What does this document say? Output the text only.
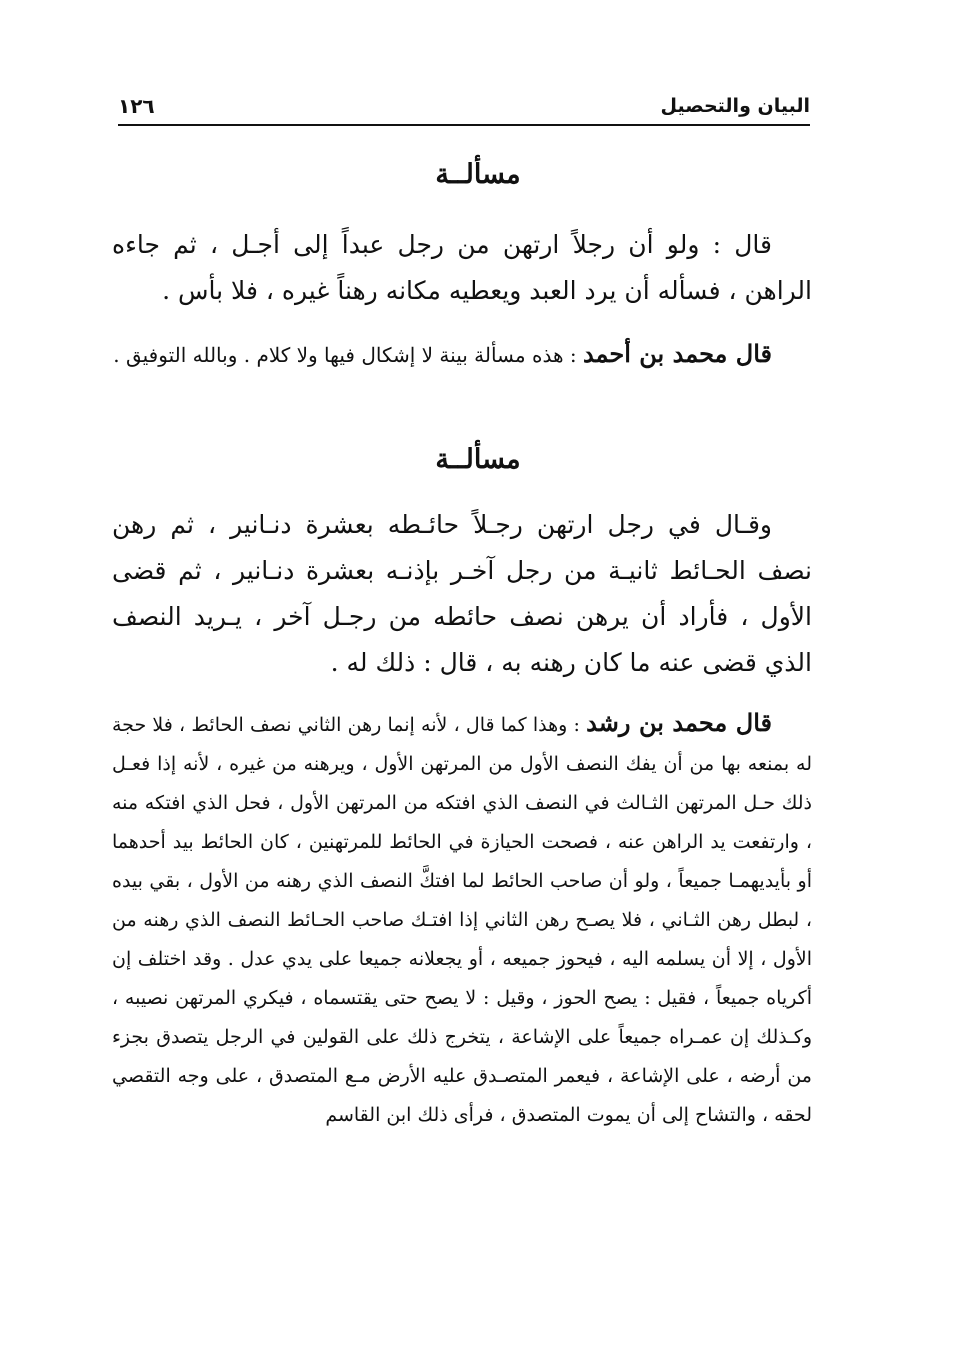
البيان والتحصيل
١٢٦
مسألــة
قال : ولو أن رجلاً ارتهن من رجل عبداً إلى أجـل ، ثم جاءه الراهن ، فسأله أن يرد العبد ويعطيه مكانه رهناً غيره ، فلا بأس .
قال محمد بن أحمد : هذه مسألة بينة لا إشكال فيها ولا كلام . وبالله التوفيق .
مسألــة
وقـال في رجل ارتهن رجـلاً حائـطه بعشرة دنـانير ، ثم رهن نصف الحـائط ثانيـة من رجل آخـر بإذنـه بعشرة دنـانير ، ثم قضى الأول ، فأراد أن يرهن نصف حائطه من رجـل آخر ، يـريد النصف الذي قضى عنه ما كان رهنه به ، قال : ذلك له .
قال محمد بن رشد : وهذا كما قال ، لأنه إنما رهن الثاني نصف الحائط ، فلا حجة له بمنعه بها من أن يفك النصف الأول من المرتهن الأول ، ويرهنه من غيره ، لأنه إذا فعـل ذلك حـل المرتهن الثـالث في النصف الذي افتكه من المرتهن الأول ، فحل الذي افتكه منه ، وارتفعت يد الراهن عنه ، فصحت الحيازة في الحائط للمرتهنين ، كان الحائط بيد أحدهما أو بأيديهمـا جميعاً ، ولو أن صاحب الحائط لما افتكَّ النصف الذي رهنه من الأول ، بقي بيده ، لبطل رهن الثـاني ، فلا يصـح رهن الثاني إذا افتـك صاحب الحـائط النصف الذي رهنه من الأول ، إلا أن يسلمه اليه ، فيحوز جميعه ، أو يجعلانه جميعا على يدي عدل . وقد اختلف إن أكرياه جميعاً ، فقيل : يصح الحوز ، وقيل : لا يصح حتى يقتسماه ، فيكري المرتهن نصيبه ، وكـذلك إن عمـراه جميعاً على الإشاعة ، يتخرج ذلك على القولين في الرجل يتصدق بجزء من أرضه ، على الإشاعة ، فيعمر المتصـدق عليه الأرض مـع المتصدق ، على وجه التقصي لحقه ، والتشاح إلى أن يموت المتصدق ، فرأى ذلك ابن القاسم
